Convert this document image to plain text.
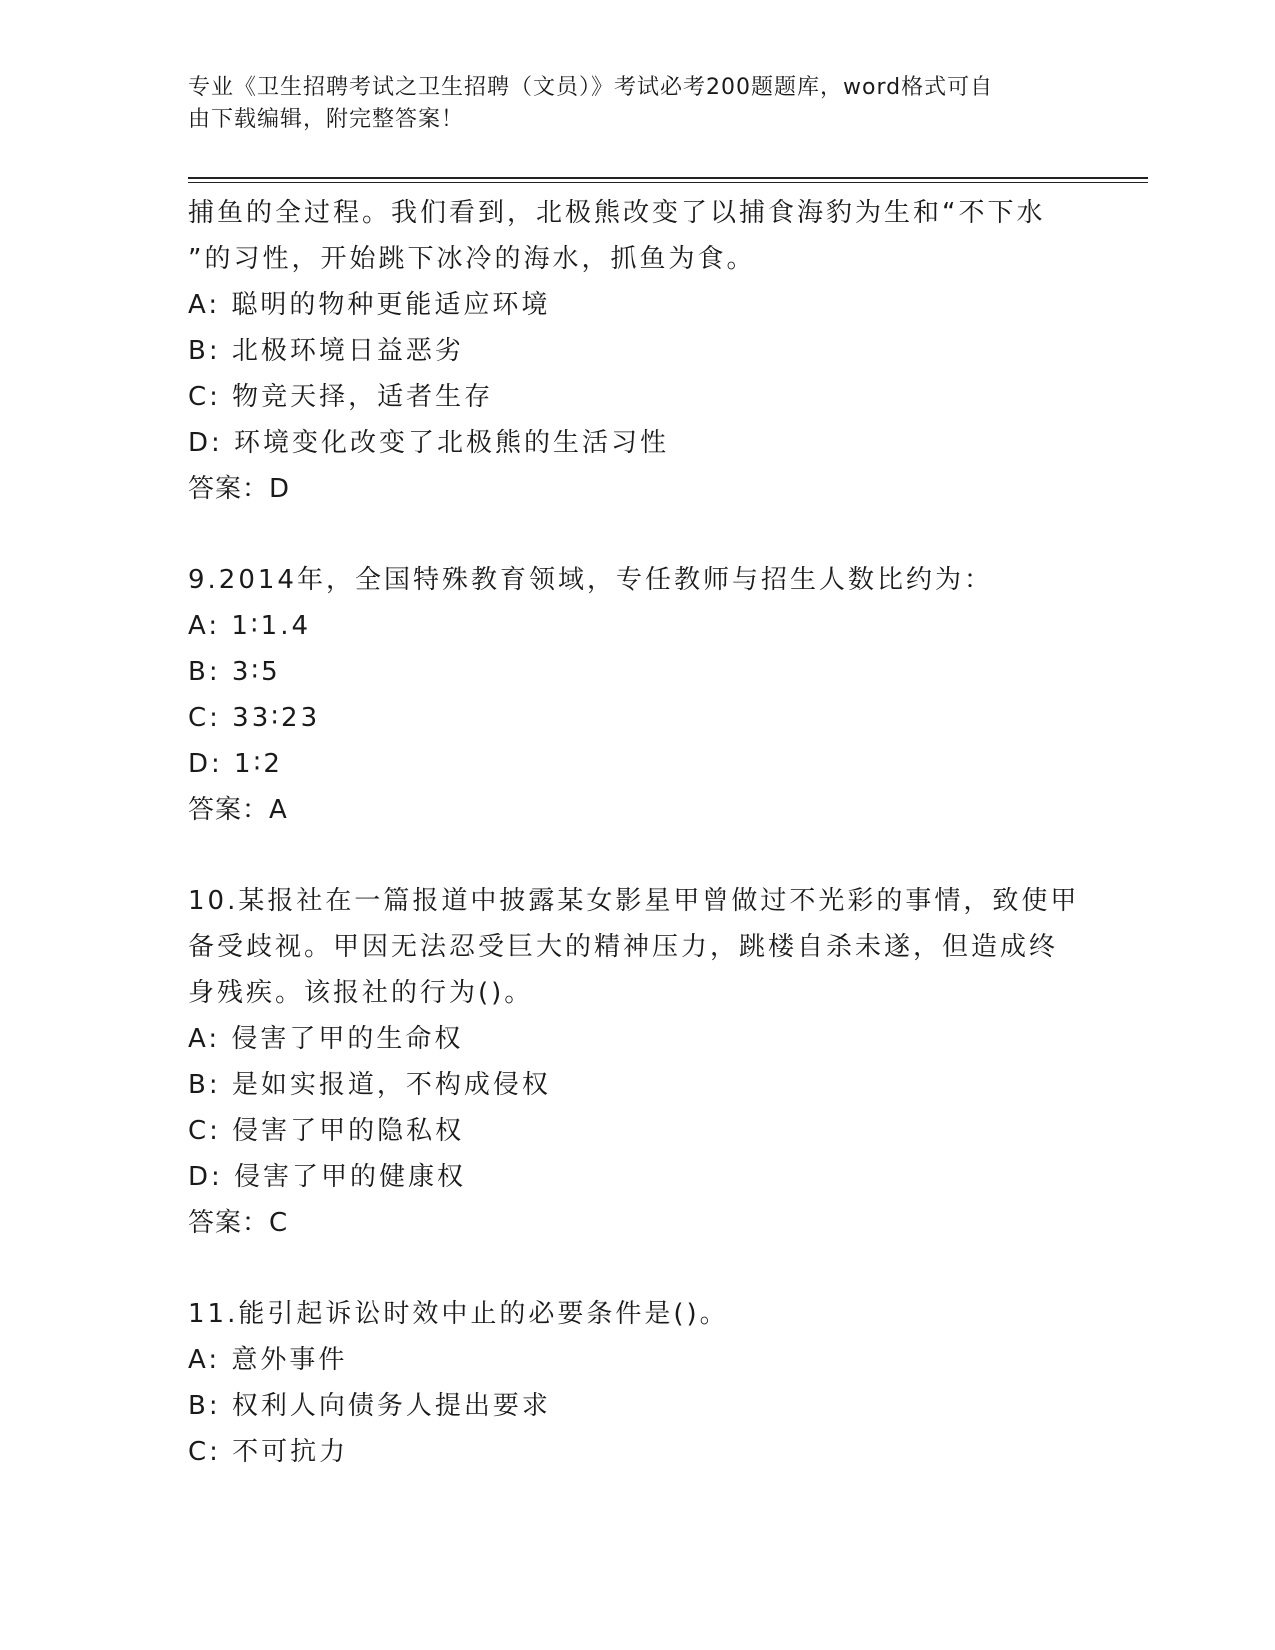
专业《卫生招聘考试之卫生招聘（文员）》考试必考200题题库，word格式可自
由下载编辑，附完整答案！
捕鱼的全过程。我们看到，北极熊改变了以捕食海豹为生和“不下水
”的习性，开始跳下冰冷的海水，抓鱼为食。
A: 聪明的物种更能适应环境
B: 北极环境日益恶劣
C: 物竞天择，适者生存
D: 环境变化改变了北极熊的生活习性
答案：D
9.2014年，全国特殊教育领域，专任教师与招生人数比约为：
A: 1∶1.4
B: 3∶5
C: 33∶23
D: 1∶2
答案：A
10.某报社在一篇报道中披露某女影星甲曾做过不光彩的事情，致使甲
备受歧视。甲因无法忍受巨大的精神压力，跳楼自杀未遂，但造成终
身残疾。该报社的行为()。
A: 侵害了甲的生命权
B: 是如实报道，不构成侵权
C: 侵害了甲的隐私权
D: 侵害了甲的健康权
答案：C
11.能引起诉讼时效中止的必要条件是()。
A: 意外事件
B: 权利人向债务人提出要求
C: 不可抗力
